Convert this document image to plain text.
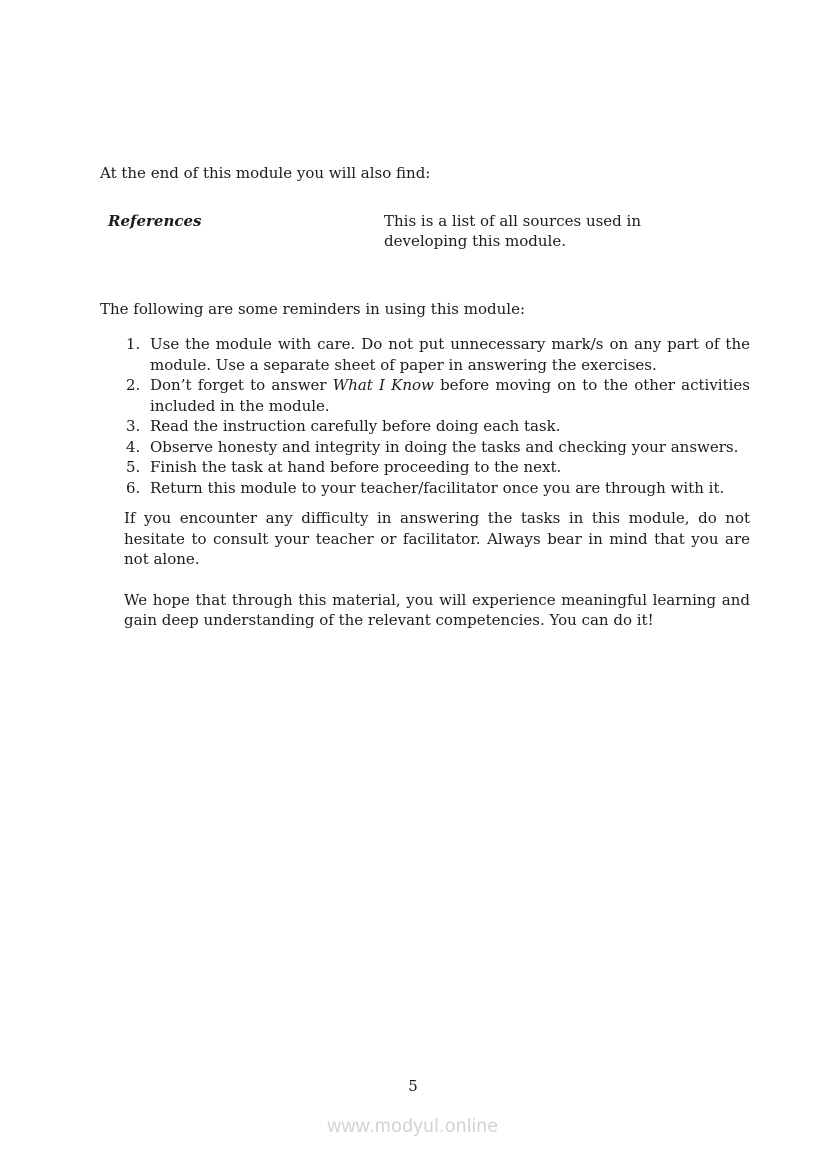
At the end of this module you will also find:

References	This is a list of all sources used in developing this module.

The following are some reminders in using this module:

1. Use the module with care. Do not put unnecessary mark/s on any part of the module. Use a separate sheet of paper in answering the exercises.
2. Don’t forget to answer What I Know before moving on to the other activities included in the module.
3. Read the instruction carefully before doing each task.
4. Observe honesty and integrity in doing the tasks and checking your answers.
5. Finish the task at hand before proceeding to the next.
6. Return this module to your teacher/facilitator once you are through with it.

If you encounter any difficulty in answering the tasks in this module, do not hesitate to consult your teacher or facilitator. Always bear in mind that you are not alone.

We hope that through this material, you will experience meaningful learning and gain deep understanding of the relevant competencies. You can do it!

5
www.modyul.online
